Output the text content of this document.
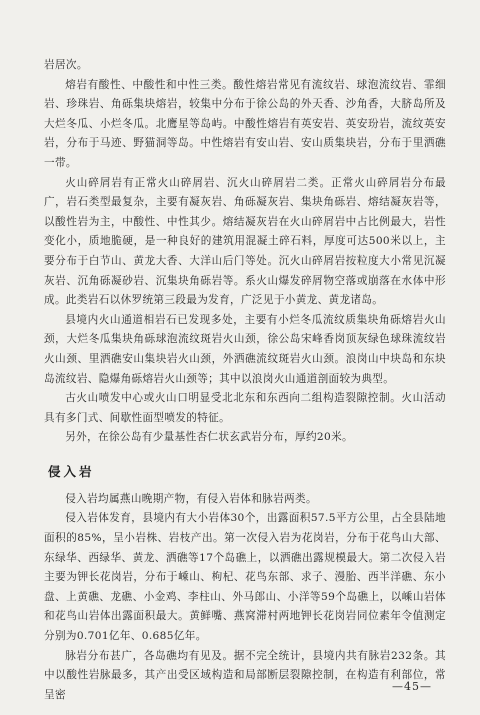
岩居次。

熔岩有酸性、中酸性和中性三类。酸性熔岩常见有流纹岩、球泡流纹岩、霏细岩、珍珠岩、角砾集块熔岩，较集中分布于徐公岛的外天香、沙角香，大脐岛所及大烂冬瓜、小烂冬瓜。北鹰星等岛屿。中酸性熔岩有英安岩、英安玢岩，流纹英安岩，分布于马迹、野猫洞等岛。中性熔岩有安山岩、安山质集块岩，分布于里洒礁一带。

火山碎屑岩有正常火山碎屑岩、沉火山碎屑岩二类。正常火山碎屑岩分布最广，岩石类型最复杂，主要有凝灰岩、角砾凝灰岩、集块角砾岩、熔结凝灰岩等，以酸性岩为主，中酸性、中性其少。熔结凝灰岩在火山碎屑岩中占比例最大，岩性变化小，质地脆硬，是一种良好的建筑用混凝土碎石料，厚度可达500米以上，主要分布于白节山、黄龙大香、大洋山后门等处。沉火山碎屑岩按粒度大小常见沉凝灰岩、沉角砾凝砂岩、沉集块角砾岩等。系火山爆发碎屑物空落或崩落在水体中形成。此类岩石以休罗统第三段最为发育，广泛见于小黄龙、黄龙诸岛。

县境内火山通道相岩石已发现多处，主要有小烂冬瓜流纹质集块角砾熔岩火山颈，大烂冬瓜集块角砾球泡流纹斑岩火山颈，徐公岛宋峰香岗顶灰绿色球珠流纹岩火山颈、里洒礁安山集块岩火山颈，外洒礁流纹斑岩火山颈。浪岗山中块岛和东块岛流纹岩、隐爆角砾熔岩火山颈等；其中以浪岗火山通道剖面较为典型。

古火山喷发中心或火山口明显受北北东和东西向二组构造裂隙控制。火山活动具有多门式、间歇性面型喷发的特征。

另外，在徐公岛有少量基性杏仁状玄武岩分布，厚约20米。

侵入岩

侵入岩均属燕山晚期产物，有侵入岩体和脉岩两类。

侵入岩体发育，县境内有大小岩体30个，出露面积57.5平方公里，占全县陆地面积的85%，呈小岩株、岩枝产出。第一次侵入岩为花岗岩，分布于花鸟山大部、东绿华、西绿华、黄龙、洒礁等17个岛礁上，以洒礁出露规模最大。第二次侵入岩主要为钾长花岗岩，分布于嵊山、枸杞、花鸟东部、求子、漫胎、西半洋礁、东小盘、上黄礁、龙礁、小金鸡、李柱山、外马郎山、小洋等59个岛礁上，以嵊山岩体和花鸟山岩体出露面积最大。黄鲜嘴、燕窝滞村两地钾长花岗岩同位素年令值测定分别为0.701亿年、0.685亿年。

脉岩分布甚广，各岛礁均有见及。据不完全统计，县境内共有脉岩232条。其中以酸性岩脉最多，其产出受区域构造和局部断层裂隙控制，在构造有利部位，常呈密

—45—
